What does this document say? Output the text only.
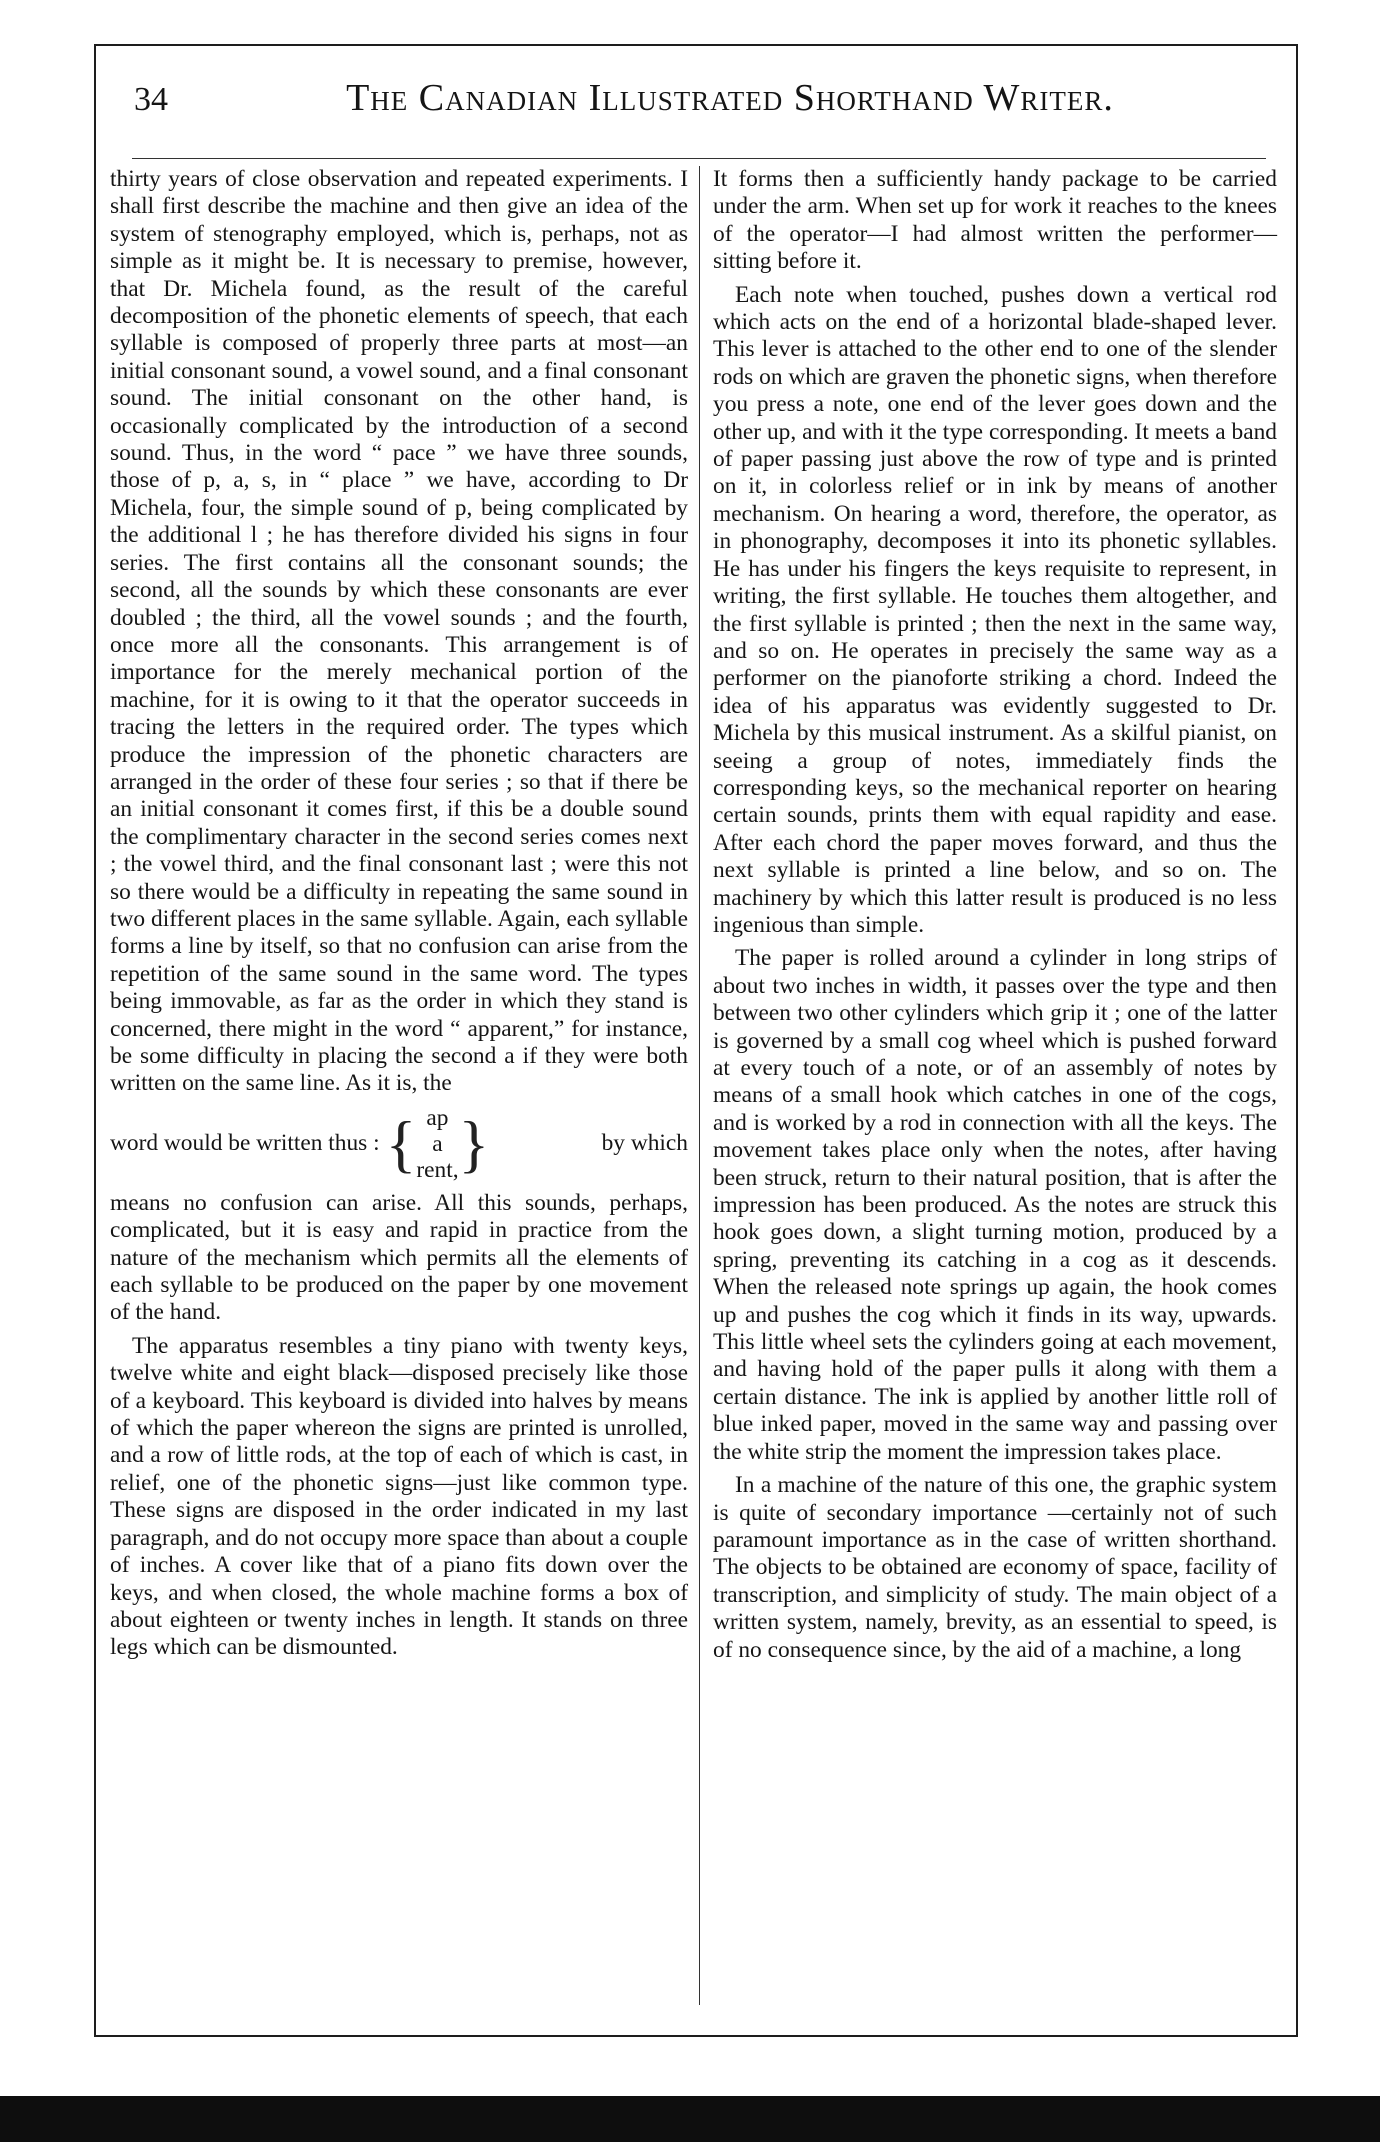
34	The Canadian Illustrated Shorthand Writer.

thirty years of close observation and repeated experiments. I shall first describe the machine and then give an idea of the system of stenography employed, which is, perhaps, not as simple as it might be. It is necessary to premise, however, that Dr. Michela found, as the result of the careful decomposition of the phonetic elements of speech, that each syllable is composed of properly three parts at most—an initial consonant sound, a vowel sound, and a final consonant sound. The initial consonant on the other hand, is occasionally complicated by the introduction of a second sound. Thus, in the word “ pace ” we have three sounds, those of p, a, s, in “ place ” we have, according to Dr Michela, four, the simple sound of p, being complicated by the additional l ; he has therefore divided his signs in four series. The first contains all the consonant sounds; the second, all the sounds by which these consonants are ever doubled ; the third, all the vowel sounds ; and the fourth, once more all the consonants. This arrangement is of importance for the merely mechanical portion of the machine, for it is owing to it that the operator succeeds in tracing the letters in the required order. The types which produce the impression of the phonetic characters are arranged in the order of these four series ; so that if there be an initial consonant it comes first, if this be a double sound the complimentary character in the second series comes next ; the vowel third, and the final consonant last ; were this not so there would be a difficulty in repeating the same sound in two different places in the same syllable. Again, each syllable forms a line by itself, so that no confusion can arise from the repetition of the same sound in the same word. The types being immovable, as far as the order in which they stand is concerned, there might in the word “ apparent,” for instance, be some difficulty in placing the second a if they were both written on the same line. As it is, the

word would be written thus : { ap
a
rent, }	by which

means no confusion can arise. All this sounds, perhaps, complicated, but it is easy and rapid in practice from the nature of the mechanism which permits all the elements of each syllable to be produced on the paper by one movement of the hand.

The apparatus resembles a tiny piano with twenty keys, twelve white and eight black—disposed precisely like those of a keyboard. This keyboard is divided into halves by means of which the paper whereon the signs are printed is unrolled, and a row of little rods, at the top of each of which is cast, in relief, one of the phonetic signs—just like common type. These signs are disposed in the order indicated in my last paragraph, and do not occupy more space than about a couple of inches. A cover like that of a piano fits down over the keys, and when closed, the whole machine forms a box of about eighteen or twenty inches in length. It stands on three legs which can be dismounted.

It forms then a sufficiently handy package to be carried under the arm. When set up for work it reaches to the knees of the operator—I had almost written the performer—sitting before it.

Each note when touched, pushes down a vertical rod which acts on the end of a horizontal blade-shaped lever. This lever is attached to the other end to one of the slender rods on which are graven the phonetic signs, when therefore you press a note, one end of the lever goes down and the other up, and with it the type corresponding. It meets a band of paper passing just above the row of type and is printed on it, in colorless relief or in ink by means of another mechanism. On hearing a word, therefore, the operator, as in phonography, decomposes it into its phonetic syllables. He has under his fingers the keys requisite to represent, in writing, the first syllable. He touches them altogether, and the first syllable is printed ; then the next in the same way, and so on. He operates in precisely the same way as a performer on the pianoforte striking a chord. Indeed the idea of his apparatus was evidently suggested to Dr. Michela by this musical instrument. As a skilful pianist, on seeing a group of notes, immediately finds the corresponding keys, so the mechanical reporter on hearing certain sounds, prints them with equal rapidity and ease. After each chord the paper moves forward, and thus the next syllable is printed a line below, and so on. The machinery by which this latter result is produced is no less ingenious than simple.

The paper is rolled around a cylinder in long strips of about two inches in width, it passes over the type and then between two other cylinders which grip it ; one of the latter is governed by a small cog wheel which is pushed forward at every touch of a note, or of an assembly of notes by means of a small hook which catches in one of the cogs, and is worked by a rod in connection with all the keys. The movement takes place only when the notes, after having been struck, return to their natural position, that is after the impression has been produced. As the notes are struck this hook goes down, a slight turning motion, produced by a spring, preventing its catching in a cog as it descends. When the released note springs up again, the hook comes up and pushes the cog which it finds in its way, upwards. This little wheel sets the cylinders going at each movement, and having hold of the paper pulls it along with them a certain distance. The ink is applied by another little roll of blue inked paper, moved in the same way and passing over the white strip the moment the impression takes place.

In a machine of the nature of this one, the graphic system is quite of secondary importance —certainly not of such paramount importance as in the case of written shorthand. The objects to be obtained are economy of space, facility of transcription, and simplicity of study. The main object of a written system, namely, brevity, as an essential to speed, is of no consequence since, by the aid of a machine, a long
